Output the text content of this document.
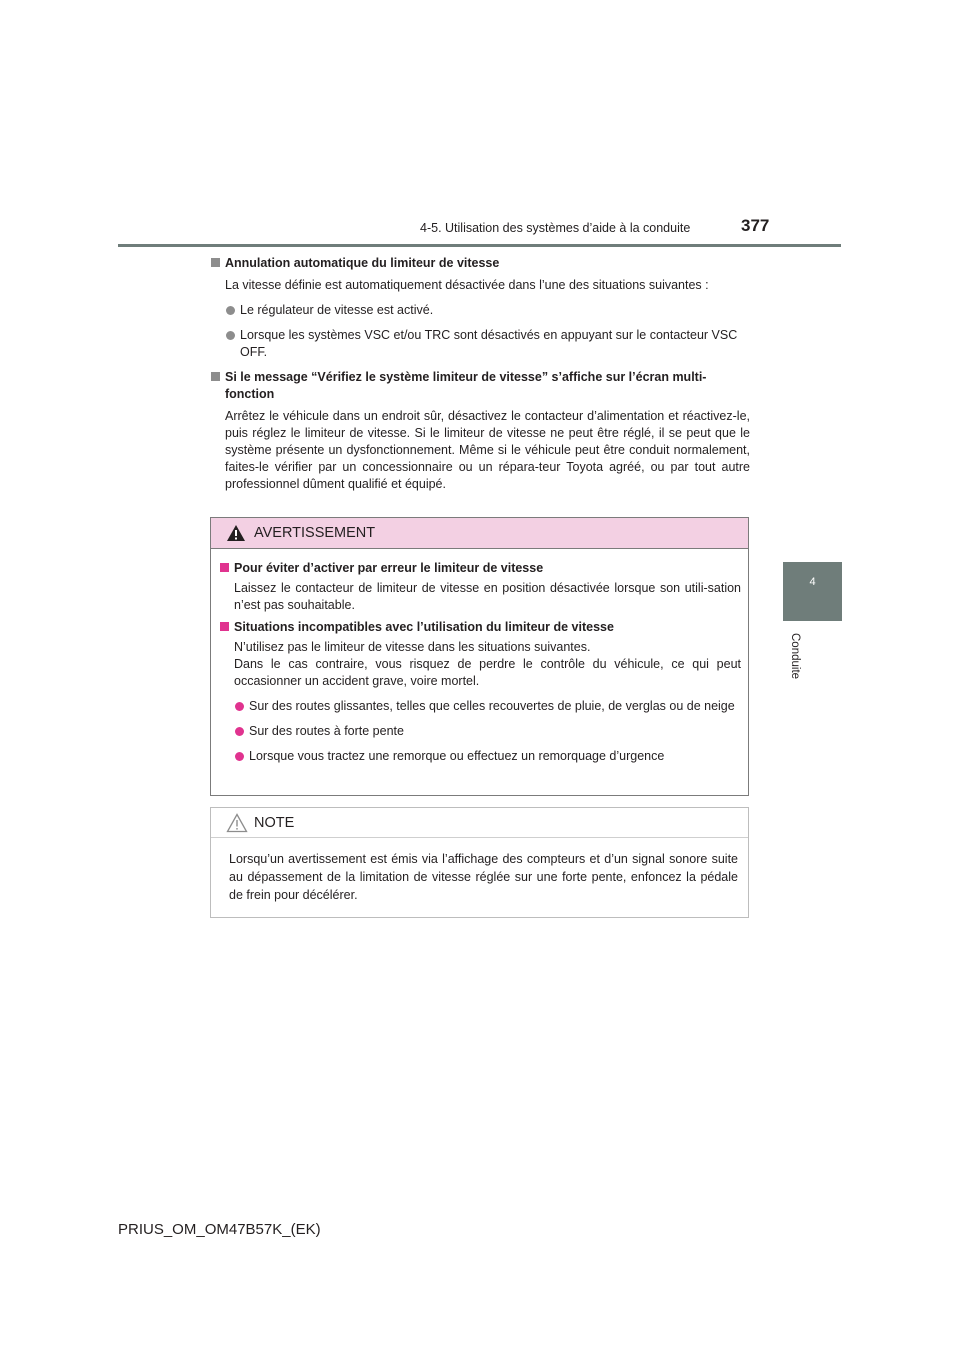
4-5. Utilisation des systèmes d’aide à la conduite	377
4
Conduite
Annulation automatique du limiteur de vitesse

La vitesse définie est automatiquement désactivée dans l’une des situations suivantes :

Le régulateur de vitesse est activé.
Lorsque les systèmes VSC et/ou TRC sont désactivés en appuyant sur le contacteur VSC OFF.
Si le message “Vérifiez le système limiteur de vitesse” s’affiche sur l’écran multi-fonction

Arrêtez le véhicule dans un endroit sûr, désactivez le contacteur d’alimentation et réactivez-le, puis réglez le limiteur de vitesse. Si le limiteur de vitesse ne peut être réglé, il se peut que le système présente un dysfonctionnement. Même si le véhicule peut être conduit normalement, faites-le vérifier par un concessionnaire ou un répara-teur Toyota agréé, ou par tout autre professionnel dûment qualifié et équipé.

AVERTISSEMENT
Pour éviter d’activer par erreur le limiteur de vitesse

Laissez le contacteur de limiteur de vitesse en position désactivée lorsque son utili-sation n’est pas souhaitable.

Situations incompatibles avec l’utilisation du limiteur de vitesse

N’utilisez pas le limiteur de vitesse dans les situations suivantes.

Dans le cas contraire, vous risquez de perdre le contrôle du véhicule, ce qui peut occasionner un accident grave, voire mortel.

Sur des routes glissantes, telles que celles recouvertes de pluie, de verglas ou de neige
Sur des routes à forte pente
Lorsque vous tractez une remorque ou effectuez un remorquage d’urgence
NOTE
Lorsqu’un avertissement est émis via l’affichage des compteurs et d’un signal sonore suite au dépassement de la limitation de vitesse réglée sur une forte pente, enfoncez la pédale de frein pour décélérer.
PRIUS_OM_OM47B57K_(EK)
